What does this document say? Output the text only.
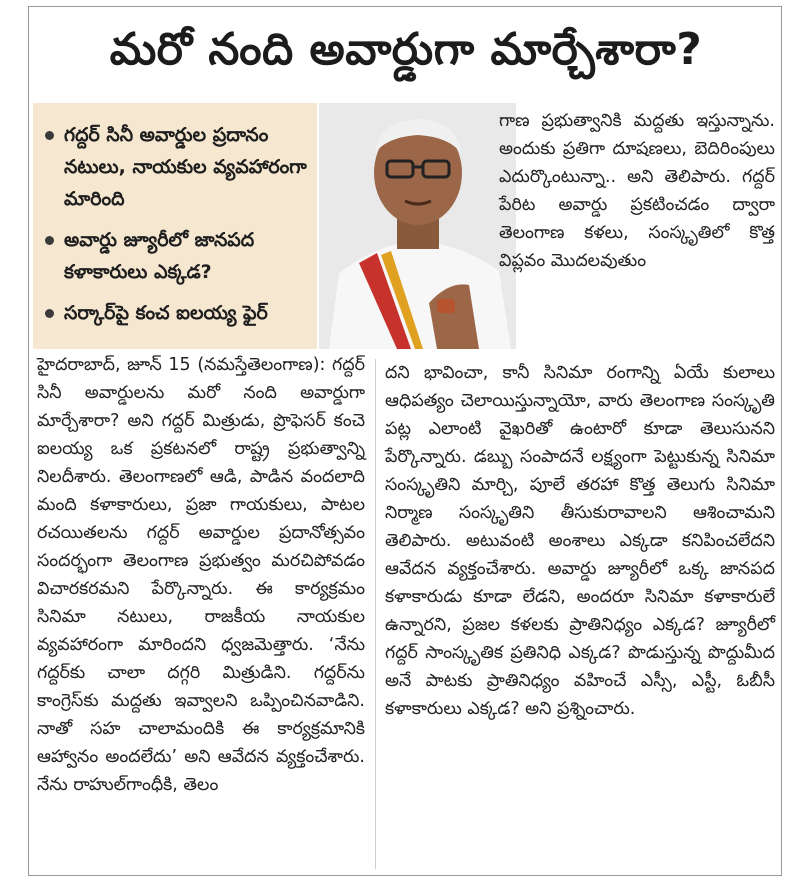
మరో నంది అవార్డుగా మార్చేశారా?
గద్దర్ సినీ అవార్డుల ప్రదానం నటులు, నాయకుల వ్యవహారంగా మారింది
అవార్డు జ్యూరీలో జానపద కళాకారులు ఎక్కడ?
సర్కార్‌పై కంచ ఐలయ్య ఫైర్

గాణ ప్రభుత్వానికి మద్దతు ఇస్తున్నాను. అందుకు ప్రతిగా దూషణలు, బెదిరింపులు ఎదుర్కొంటున్నా.. అని తెలిపారు. గద్దర్ పేరిట అవార్డు ప్రకటించడం ద్వారా తెలంగాణ కళలు, సంస్కృతిలో కొత్త విప్లవం మొదలవుతుం

హైదరాబాద్, జూన్ 15 (నమస్తేతెలంగాణ): గద్దర్ సినీ అవార్డులను మరో నంది అవార్డుగా మార్చేశారా? అని గద్దర్ మిత్రుడు, ప్రొఫెసర్ కంచె ఐలయ్య ఒక ప్రకటనలో రాష్ట్ర ప్రభుత్వాన్ని నిలదీశారు. తెలంగాణలో ఆడి, పాడిన వందలాది మంది కళాకారులు, ప్రజా గాయకులు, పాటల రచయితలను గద్దర్ అవార్డుల ప్రదానోత్సవం సందర్భంగా తెలంగాణ ప్రభుత్వం మరచిపోవడం విచారకరమని పేర్కొన్నారు. ఈ కార్యక్రమం సినిమా నటులు, రాజకీయ నాయకుల వ్యవహారంగా మారిందని ధ్వజమెత్తారు. ‘నేను గద్దర్‌కు చాలా దగ్గరి మిత్రుడిని. గద్దర్‌ను కాంగ్రెస్‌కు మద్దతు ఇవ్వాలని ఒప్పించినవాడిని. నాతో సహ చాలామందికి ఈ కార్యక్రమానికి ఆహ్వానం అందలేదు’ అని ఆవేదన వ్యక్తంచేశారు. నేను రాహుల్‌గాంధీకి, తెలం

దని భావించా, కానీ సినిమా రంగాన్ని ఏయే కులాలు ఆధిపత్యం చెలాయిస్తున్నాయో, వారు తెలంగాణ సంస్కృతి పట్ల ఎలాంటి వైఖరితో ఉంటారో కూడా తెలుసునని పేర్కొన్నారు. డబ్బు సంపాదనే లక్ష్యంగా పెట్టుకున్న సినిమా సంస్కృతిని మార్చి, పూలే తరహా కొత్త తెలుగు సినిమా నిర్మాణ సంస్కృతిని తీసుకురావాలని ఆశించామని తెలిపారు. అటువంటి అంశాలు ఎక్కడా కనిపించలేదని ఆవేదన వ్యక్తంచేశారు. అవార్డు జ్యూరీలో ఒక్క జానపద కళాకారుడు కూడా లేడని, అందరూ సినిమా కళాకారులే ఉన్నారని, ప్రజల కళలకు ప్రాతినిధ్యం ఎక్కడ? జ్యూరీలో గద్దర్ సాంస్కృతిక ప్రతినిధి ఎక్కడ? పొడుస్తున్న పొద్దుమీద అనే పాటకు ప్రాతినిధ్యం వహించే ఎస్సీ, ఎస్టీ, ఓబీసీ కళాకారులు ఎక్కడ? అని ప్రశ్నించారు.
